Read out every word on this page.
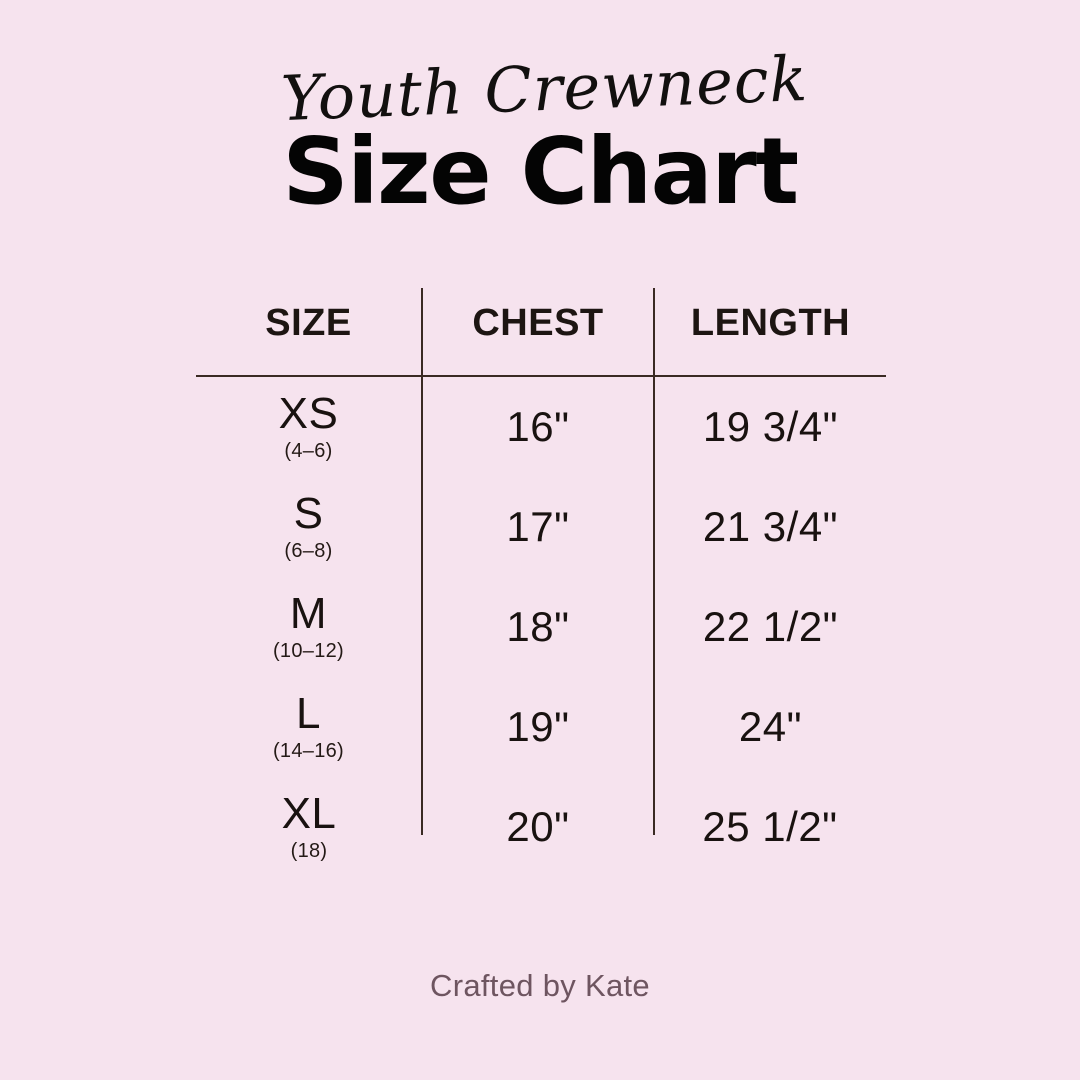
Youth Crewneck
Size Chart
SIZE	CHEST	LENGTH

XS
(4–6)	16"	19 3/4"

S
(6–8)	17"	21 3/4"

M
(10–12)	18"	22 1/2"

L
(14–16)	19"	24"

XL
(18)	20"	25 1/2"
Crafted by Kate
